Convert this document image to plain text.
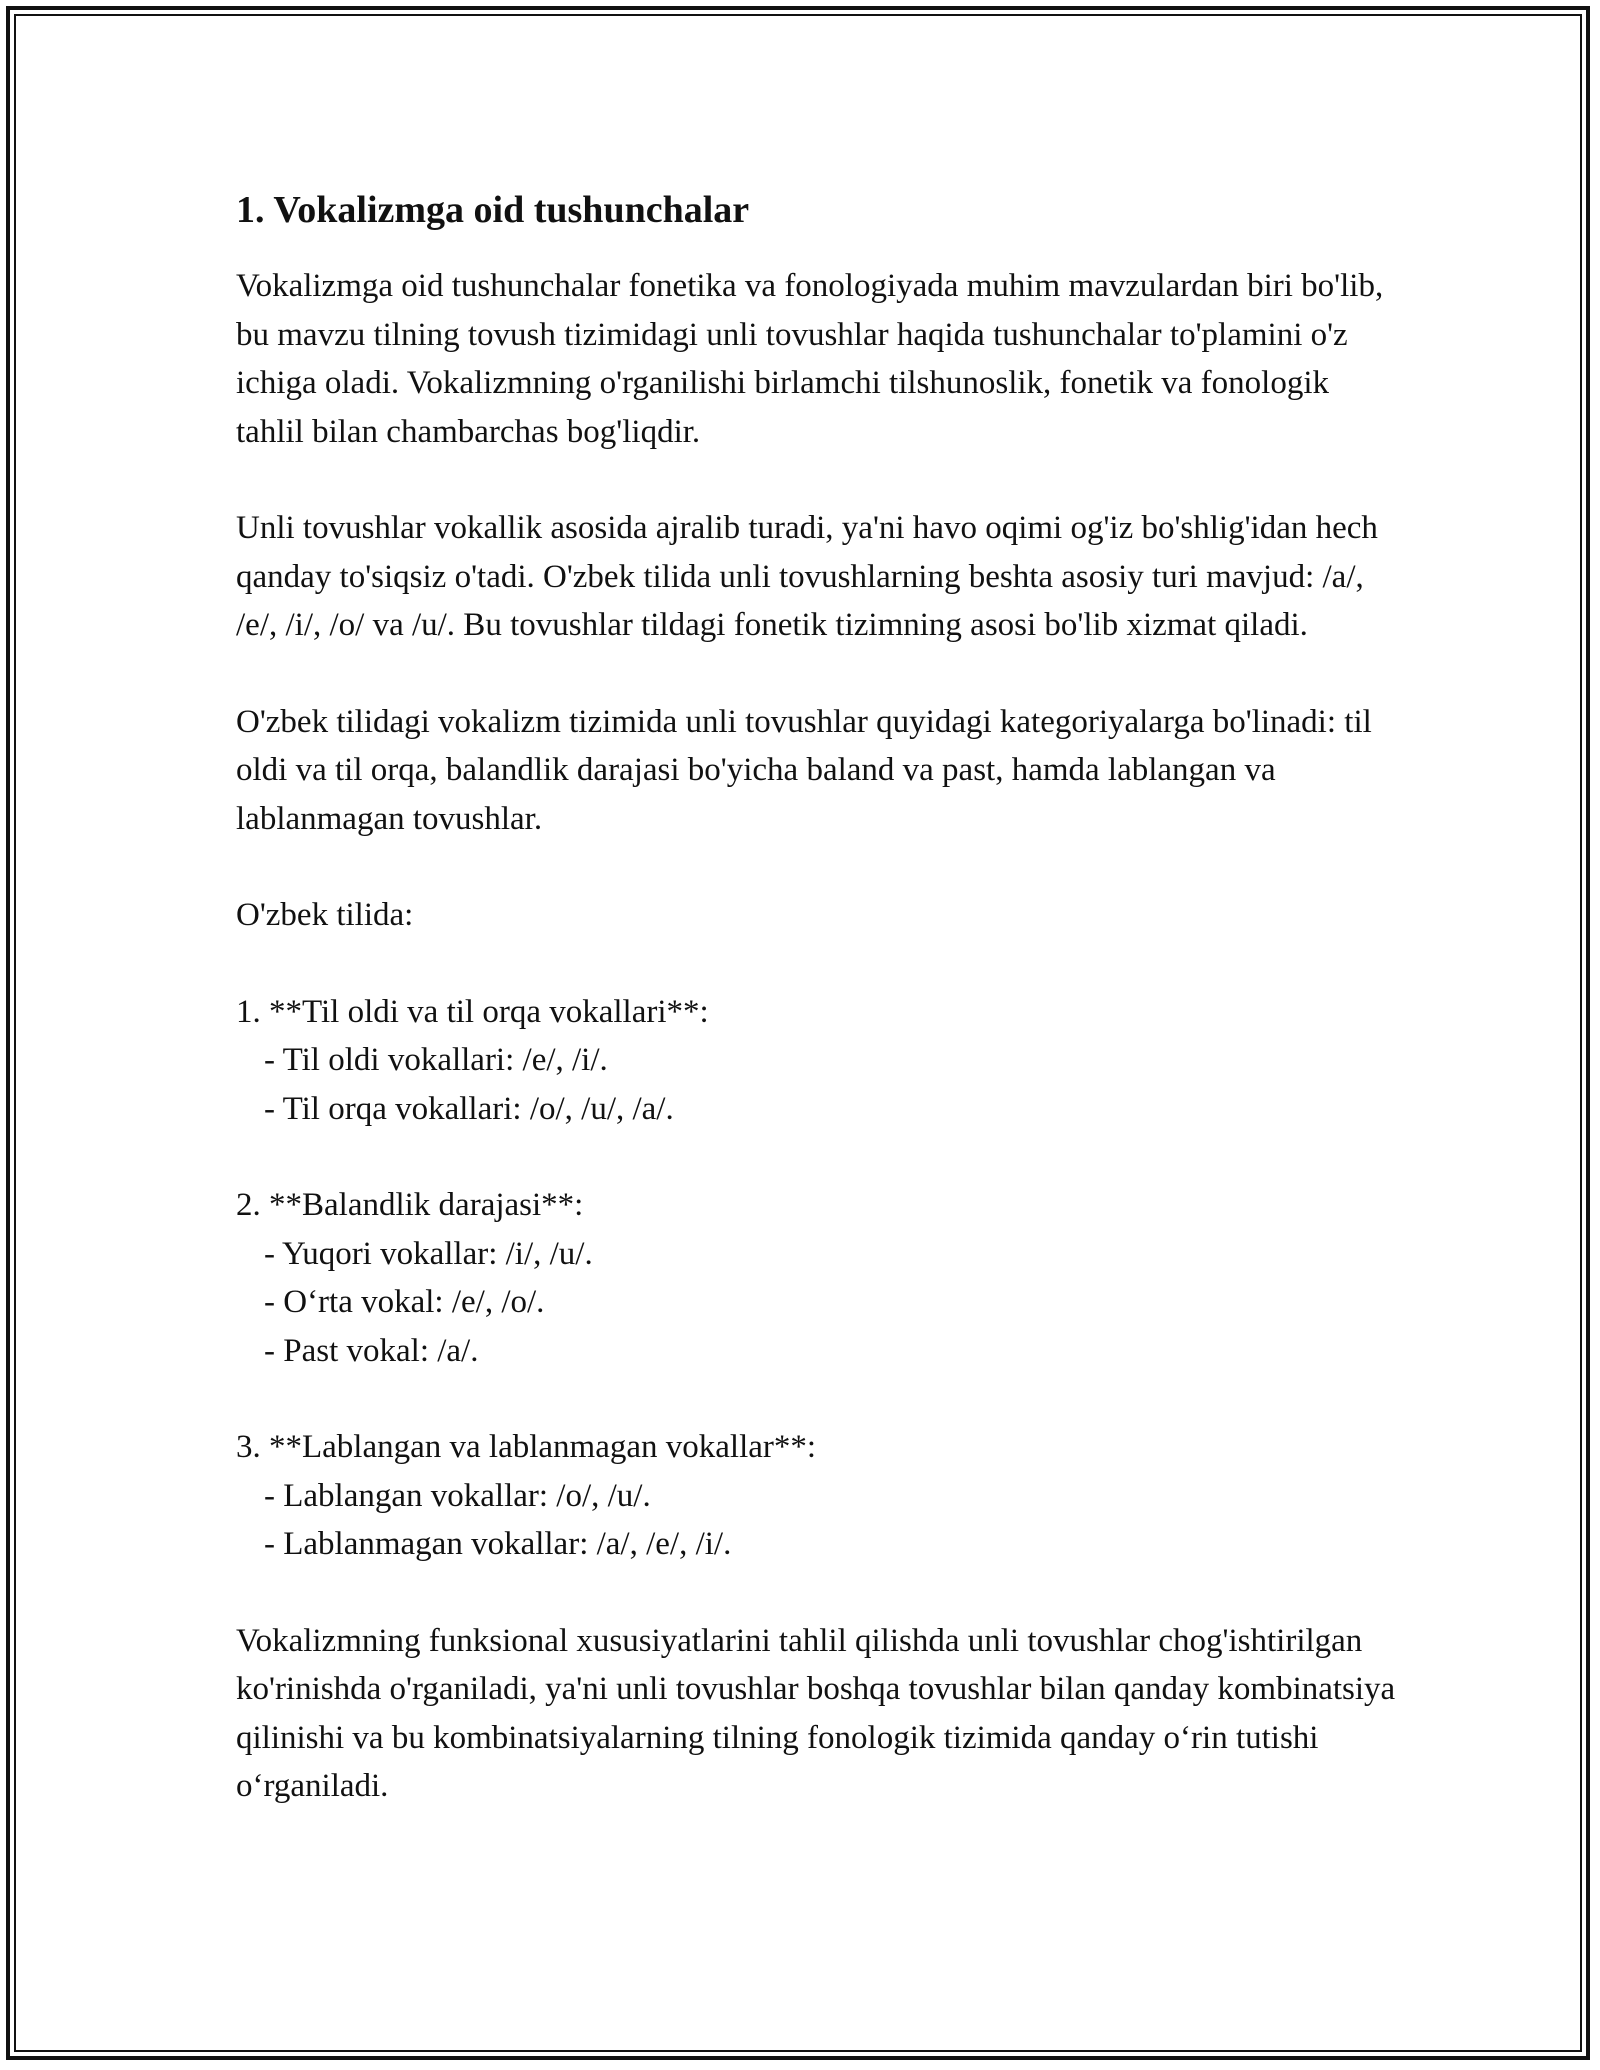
1. Vokalizmga oid tushunchalar

Vokalizmga oid tushunchalar fonetika va fonologiyada muhim mavzulardan biri bo'lib, bu mavzu tilning tovush tizimidagi unli tovushlar haqida tushunchalar to'plamini o'z ichiga oladi. Vokalizmning o'rganilishi birlamchi tilshunoslik, fonetik va fonologik tahlil bilan chambarchas bog'liqdir.

Unli tovushlar vokallik asosida ajralib turadi, ya'ni havo oqimi og'iz bo'shlig'idan hech qanday to'siqsiz o'tadi. O'zbek tilida unli tovushlarning beshta asosiy turi mavjud: /a/, /e/, /i/, /o/ va /u/. Bu tovushlar tildagi fonetik tizimning asosi bo'lib xizmat qiladi.

O'zbek tilidagi vokalizm tizimida unli tovushlar quyidagi kategoriyalarga bo'linadi: til oldi va til orqa, balandlik darajasi bo'yicha baland va past, hamda lablangan va lablanmagan tovushlar.

O'zbek tilida:

1. **Til oldi va til orqa vokallari**:
- Til oldi vokallari: /e/, /i/.
- Til orqa vokallari: /o/, /u/, /a/.
2. **Balandlik darajasi**:
- Yuqori vokallar: /i/, /u/.
- O‘rta vokal: /e/, /o/.
- Past vokal: /a/.
3. **Lablangan va lablanmagan vokallar**:
- Lablangan vokallar: /o/, /u/.
- Lablanmagan vokallar: /a/, /e/, /i/.

Vokalizmning funksional xususiyatlarini tahlil qilishda unli tovushlar chog'ishtirilgan ko'rinishda o'rganiladi, ya'ni unli tovushlar boshqa tovushlar bilan qanday kombinatsiya qilinishi va bu kombinatsiyalarning tilning fonologik tizimida qanday o‘rin tutishi o‘rganiladi.
